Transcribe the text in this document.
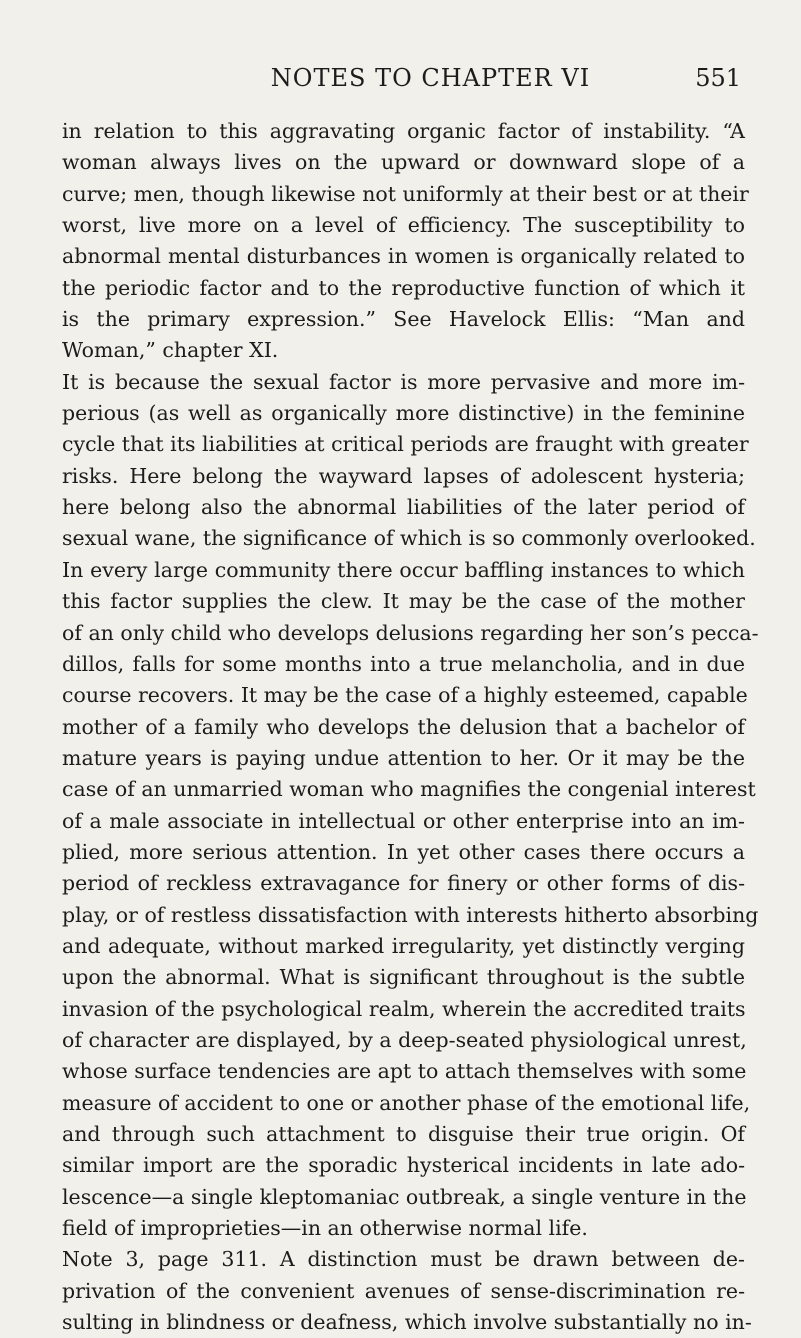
NOTES TO CHAPTER VI	551
in relation to this aggravating organic factor of instability. “A
woman always lives on the upward or downward slope of a
curve; men, though likewise not uniformly at their best or at their
worst, live more on a level of efficiency. The susceptibility to
abnormal mental disturbances in women is organically related to
the periodic factor and to the reproductive function of which it
is the primary expression.” See Havelock Ellis: “Man and
Woman,” chapter XI.
It is because the sexual factor is more pervasive and more im-
perious (as well as organically more distinctive) in the feminine
cycle that its liabilities at critical periods are fraught with greater
risks. Here belong the wayward lapses of adolescent hysteria;
here belong also the abnormal liabilities of the later period of
sexual wane, the significance of which is so commonly overlooked.
In every large community there occur baffling instances to which
this factor supplies the clew. It may be the case of the mother
of an only child who develops delusions regarding her son’s pecca-
dillos, falls for some months into a true melancholia, and in due
course recovers. It may be the case of a highly esteemed, capable
mother of a family who develops the delusion that a bachelor of
mature years is paying undue attention to her. Or it may be the
case of an unmarried woman who magnifies the congenial interest
of a male associate in intellectual or other enterprise into an im-
plied, more serious attention. In yet other cases there occurs a
period of reckless extravagance for finery or other forms of dis-
play, or of restless dissatisfaction with interests hitherto absorbing
and adequate, without marked irregularity, yet distinctly verging
upon the abnormal. What is significant throughout is the subtle
invasion of the psychological realm, wherein the accredited traits
of character are displayed, by a deep-seated physiological unrest,
whose surface tendencies are apt to attach themselves with some
measure of accident to one or another phase of the emotional life,
and through such attachment to disguise their true origin. Of
similar import are the sporadic hysterical incidents in late ado-
lescence—a single kleptomaniac outbreak, a single venture in the
field of improprieties—in an otherwise normal life.
Note 3, page 311. A distinction must be drawn between de-
privation of the convenient avenues of sense-discrimination re-
sulting in blindness or deafness, which involve substantially no in-
